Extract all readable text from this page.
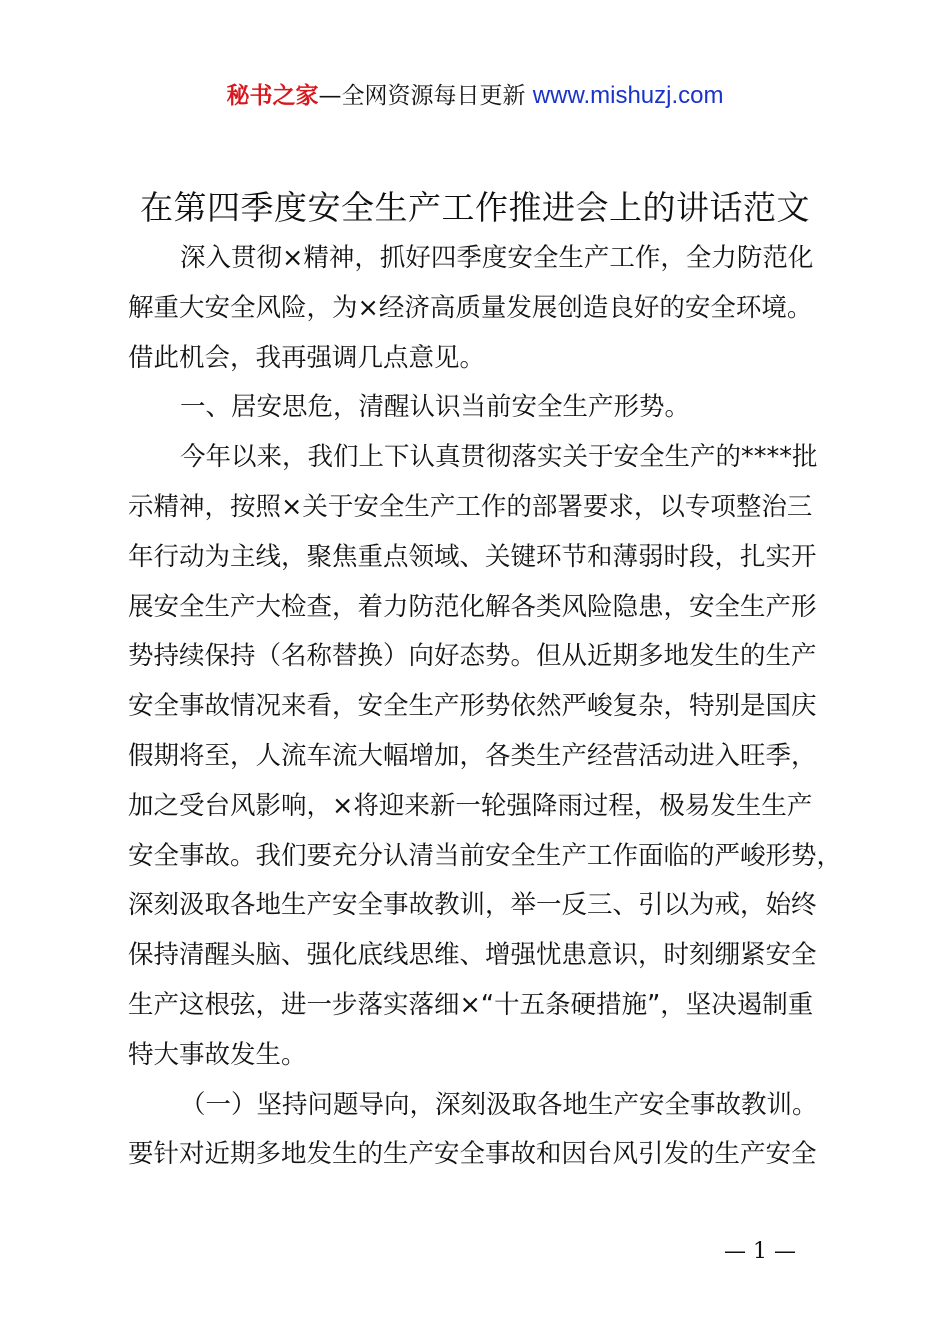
秘书之家—全网资源每日更新 www.mishuzj.com
在第四季度安全生产工作推进会上的讲话范文
深入贯彻×精神，抓好四季度安全生产工作，全力防范化
解重大安全风险，为×经济高质量发展创造良好的安全环境。
借此机会，我再强调几点意见。
一、居安思危，清醒认识当前安全生产形势。
今年以来，我们上下认真贯彻落实关于安全生产的****批
示精神，按照×关于安全生产工作的部署要求，以专项整治三
年行动为主线，聚焦重点领域、关键环节和薄弱时段，扎实开
展安全生产大检查，着力防范化解各类风险隐患，安全生产形
势持续保持（名称替换）向好态势。但从近期多地发生的生产
安全事故情况来看，安全生产形势依然严峻复杂，特别是国庆
假期将至，人流车流大幅增加，各类生产经营活动进入旺季，
加之受台风影响，×将迎来新一轮强降雨过程，极易发生生产
安全事故。我们要充分认清当前安全生产工作面临的严峻形势，
深刻汲取各地生产安全事故教训，举一反三、引以为戒，始终
保持清醒头脑、强化底线思维、增强忧患意识，时刻绷紧安全
生产这根弦，进一步落实落细×“十五条硬措施”，坚决遏制重
特大事故发生。
（一）坚持问题导向，深刻汲取各地生产安全事故教训。
要针对近期多地发生的生产安全事故和因台风引发的生产安全
— 1 —
